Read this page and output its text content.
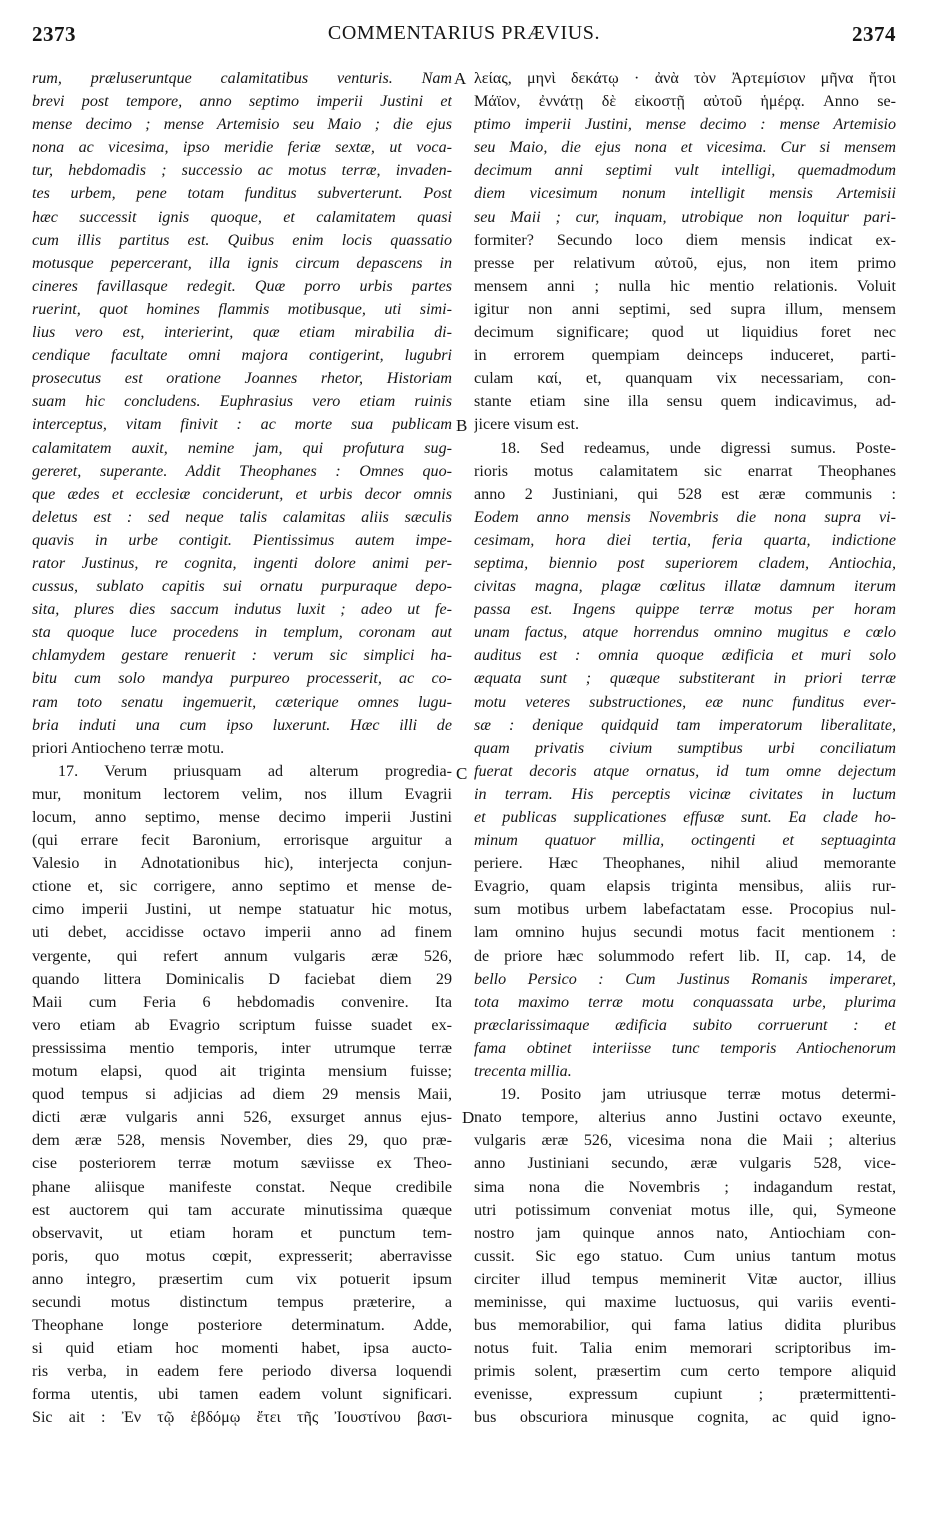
2373	COMMENTARIUS PRÆVIUS.	2374
A
B
C
D
rum, præluseruntque calamitatibus venturis. Nam
brevi post tempore, anno septimo imperii Justini et
mense decimo ; mense Artemisio seu Maio ; die ejus
nona ac vicesima, ipso meridie feriæ sextæ, ut voca-
tur, hebdomadis ; successio ac motus terræ, invaden-
tes urbem, pene totam funditus subverterunt. Post
hæc successit ignis quoque, et calamitatem quasi
cum illis partitus est. Quibus enim locis quassatio
motusque pepercerant, illa ignis circum depascens in
cineres favillasque redegit. Quæ porro urbis partes
ruerint, quot homines flammis motibusque, uti simi-
lius vero est, interierint, quæ etiam mirabilia di-
cendique facultate omni majora contigerint, lugubri
prosecutus est oratione Joannes rhetor, Historiam
suam hic concludens. Euphrasius vero etiam ruinis
interceptus, vitam finivit : ac morte sua publicam
calamitatem auxit, nemine jam, qui profutura sug-
gereret, superante. Addit Theophanes : Omnes quo-
que ædes et ecclesiæ conciderunt, et urbis decor omnis
deletus est : sed neque talis calamitas aliis sæculis
quavis in urbe contigit. Pientissimus autem impe-
rator Justinus, re cognita, ingenti dolore animi per-
cussus, sublato capitis sui ornatu purpuraque depo-
sita, plures dies saccum indutus luxit ; adeo ut fe-
sta quoque luce procedens in templum, coronam aut
chlamydem gestare renuerit : verum sic simplici ha-
bitu cum solo mandya purpureo processerit, ac co-
ram toto senatu ingemuerit, cæterique omnes lugu-
bria induti una cum ipso luxerunt. Hæc illi de
priori Antiocheno terræ motu.
17. Verum priusquam ad alterum progredia-
mur, monitum lectorem velim, nos illum Evagrii
locum, anno septimo, mense decimo imperii Justini
(qui errare fecit Baronium, errorisque arguitur a
Valesio in Adnotationibus hic), interjecta conjun-
ctione et, sic corrigere, anno septimo et mense de-
cimo imperii Justini, ut nempe statuatur hic motus,
uti debet, accidisse octavo imperii anno ad finem
vergente, qui refert annum vulgaris æræ 526,
quando littera Dominicalis D faciebat diem 29
Maii cum Feria 6 hebdomadis convenire. Ita
vero etiam ab Evagrio scriptum fuisse suadet ex-
pressissima mentio temporis, inter utrumque terræ
motum elapsi, quod ait triginta mensium fuisse;
quod tempus si adjicias ad diem 29 mensis Maii,
dicti æræ vulgaris anni 526, exsurget annus ejus-
dem æræ 528, mensis November, dies 29, quo præ-
cise posteriorem terræ motum sæviisse ex Theo-
phane aliisque manifeste constat. Neque credibile
est auctorem qui tam accurate minutissima quæque
observavit, ut etiam horam et punctum tem-
poris, quo motus cœpit, expresserit; aberravisse
anno integro, præsertim cum vix potuerit ipsum
secundi motus distinctum tempus præterire, a
Theophane longe posteriore determinatum. Adde,
si quid etiam hoc momenti habet, ipsa aucto-
ris verba, in eadem fere periodo diversa loquendi
forma utentis, ubi tamen eadem volunt significari.
Sic ait : Ἐν τῷ ἑβδόμῳ ἔτει τῆς Ἰουστίνου βασι-
λείας, μηνὶ δεκάτῳ · ἀνὰ τὸν Ἀρτεμίσιον μῆνα ἤτοι
Μάϊον, ἐννάτῃ δὲ εἰκοστῇ αὐτοῦ ἡμέρᾳ. Anno se-
ptimo imperii Justini, mense decimo : mense Artemisio
seu Maio, die ejus nona et vicesima. Cur si mensem
decimum anni septimi vult intelligi, quemadmodum
diem vicesimum nonum intelligit mensis Artemisii
seu Maii ; cur, inquam, utrobique non loquitur pari-
formiter? Secundo loco diem mensis indicat ex-
presse per relativum αὐτοῦ, ejus, non item primo
mensem anni ; nulla hic mentio relationis. Voluit
igitur non anni septimi, sed supra illum, mensem
decimum significare; quod ut liquidius foret nec
in errorem quempiam deinceps induceret, parti-
culam καί, et, quanquam vix necessariam, con-
stante etiam sine illa sensu quem indicavimus, ad-
jicere visum est.
18. Sed redeamus, unde digressi sumus. Poste-
rioris motus calamitatem sic enarrat Theophanes
anno 2 Justiniani, qui 528 est æræ communis :
Eodem anno mensis Novembris die nona supra vi-
cesimam, hora diei tertia, feria quarta, indictione
septima, biennio post superiorem cladem, Antiochia,
civitas magna, plagæ cœlitus illatæ damnum iterum
passa est. Ingens quippe terræ motus per horam
unam factus, atque horrendus omnino mugitus e cœlo
auditus est : omnia quoque ædificia et muri solo
æquata sunt ; quæque substiterant in priori terræ
motu veteres substructiones, eæ nunc funditus ever-
sæ : denique quidquid tam imperatorum liberalitate,
quam privatis civium sumptibus urbi conciliatum
fuerat decoris atque ornatus, id tum omne dejectum
in terram. His perceptis vicinæ civitates in luctum
et publicas supplicationes effusæ sunt. Ea clade ho-
minum quatuor millia, octingenti et septuaginta
periere. Hæc Theophanes, nihil aliud memorante
Evagrio, quam elapsis triginta mensibus, aliis rur-
sum motibus urbem labefactatam esse. Procopius nul-
lam omnino hujus secundi motus facit mentionem :
de priore hæc solummodo refert lib. II, cap. 14, de
bello Persico : Cum Justinus Romanis imperaret,
tota maximo terræ motu conquassata urbe, plurima
præclarissimaque ædificia subito corruerunt : et
fama obtinet interiisse tunc temporis Antiochenorum
trecenta millia.
19. Posito jam utriusque terræ motus determi-
nato tempore, alterius anno Justini octavo exeunte,
vulgaris æræ 526, vicesima nona die Maii ; alterius
anno Justiniani secundo, æræ vulgaris 528, vice-
sima nona die Novembris ; indagandum restat,
utri potissimum conveniat motus ille, qui, Symeone
nostro jam quinque annos nato, Antiochiam con-
cussit. Sic ego statuo. Cum unius tantum motus
circiter illud tempus meminerit Vitæ auctor, illius
meminisse, qui maxime luctuosus, qui variis eventi-
bus memorabilior, qui fama latius didita pluribus
notus fuit. Talia enim memorari scriptoribus im-
primis solent, præsertim cum certo tempore aliquid
evenisse, expressum cupiunt ; prætermittenti-
bus obscuriora minusque cognita, ac quid igno-
